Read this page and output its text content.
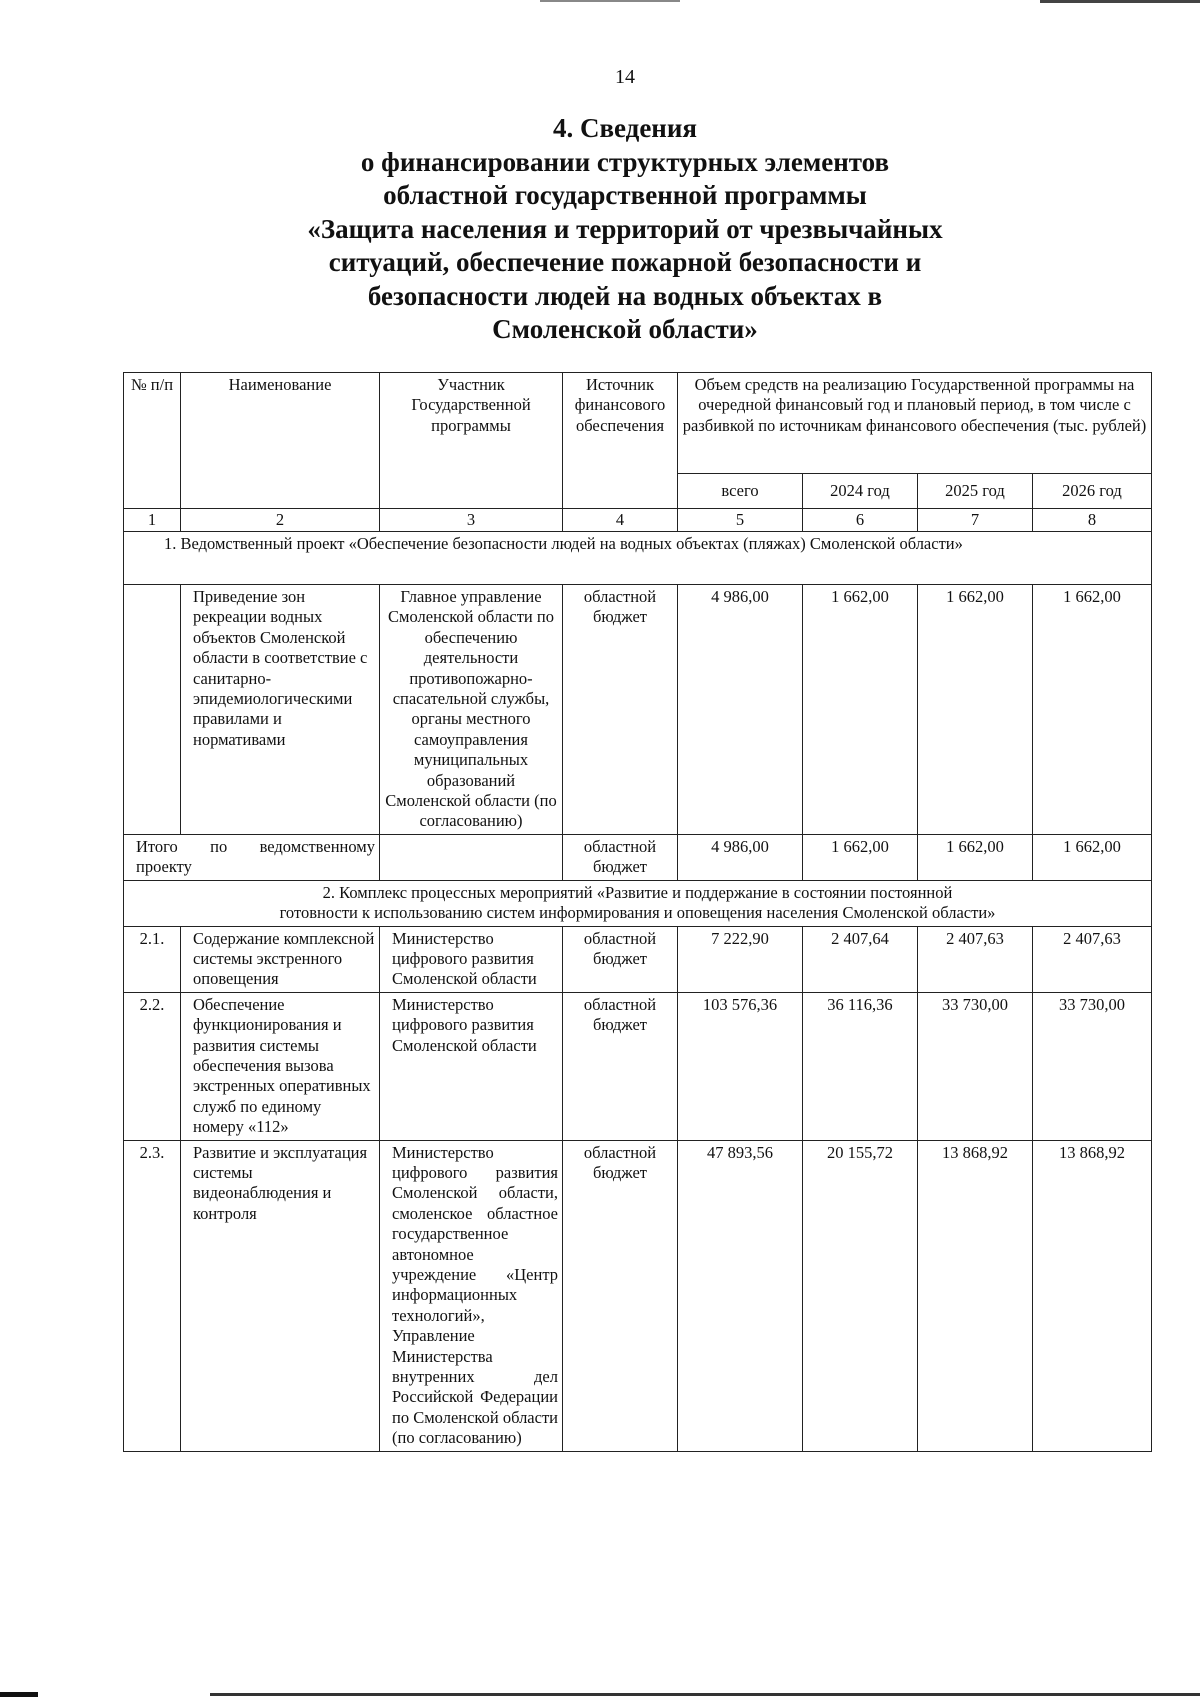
14
4. Сведения
о финансировании структурных элементов
областной государственной программы
«Защита населения и территорий от чрезвычайных
ситуаций, обеспечение пожарной безопасности и
безопасности людей на водных объектах в
Смоленской области»
№ п/п	Наименование	Участник Государственной программы	Источник финансового обеспечения	Объем средств на реализацию Государственной программы на очередной финансовый год и плановый период, в том числе с разбивкой по источникам финансового обеспечения (тыс. рублей)			
				всего	2024 год	2025 год	2026 год
1	2	3	4	5	6	7	8
1. Ведомственный проект «Обеспечение безопасности людей на водных объектах (пляжах) Смоленской области»							
	Приведение зон рекреации водных объектов Смоленской области в соответствие с санитарно-эпидемиологическими правилами и нормативами	Главное управление Смоленской области по обеспечению деятельности противопожарно-спасательной службы, органы местного самоуправления муниципальных образований Смоленской области (по согласованию)	областной бюджет	4 986,00	1 662,00	1 662,00	1 662,00
Итого по ведомственному проекту			областной бюджет	4 986,00	1 662,00	1 662,00	1 662,00

2. Комплекс процессных мероприятий «Развитие и поддержание в состоянии постоянной
готовности к использованию систем информирования и оповещения населения Смоленской области»							

2.1.	Содержание комплексной системы экстренного оповещения	Министерство цифрового развития Смоленской области	областной бюджет	7 222,90	2 407,64	2 407,63	2 407,63
2.2.	Обеспечение функционирования и развития системы обеспечения вызова экстренных оперативных служб по единому номеру «112»	Министерство цифрового развития Смоленской области	областной бюджет	103 576,36	36 116,36	33 730,00	33 730,00
2.3.	Развитие и эксплуатация системы видеонаблюдения и контроля	Министерство цифрового развития Смоленской области, смоленское областное государственное автономное учреждение «Центр информационных технологий», Управление Министерства внутренних дел Российской Федерации по Смоленской области (по согласованию)	областной бюджет	47 893,56	20 155,72	13 868,92	13 868,92
